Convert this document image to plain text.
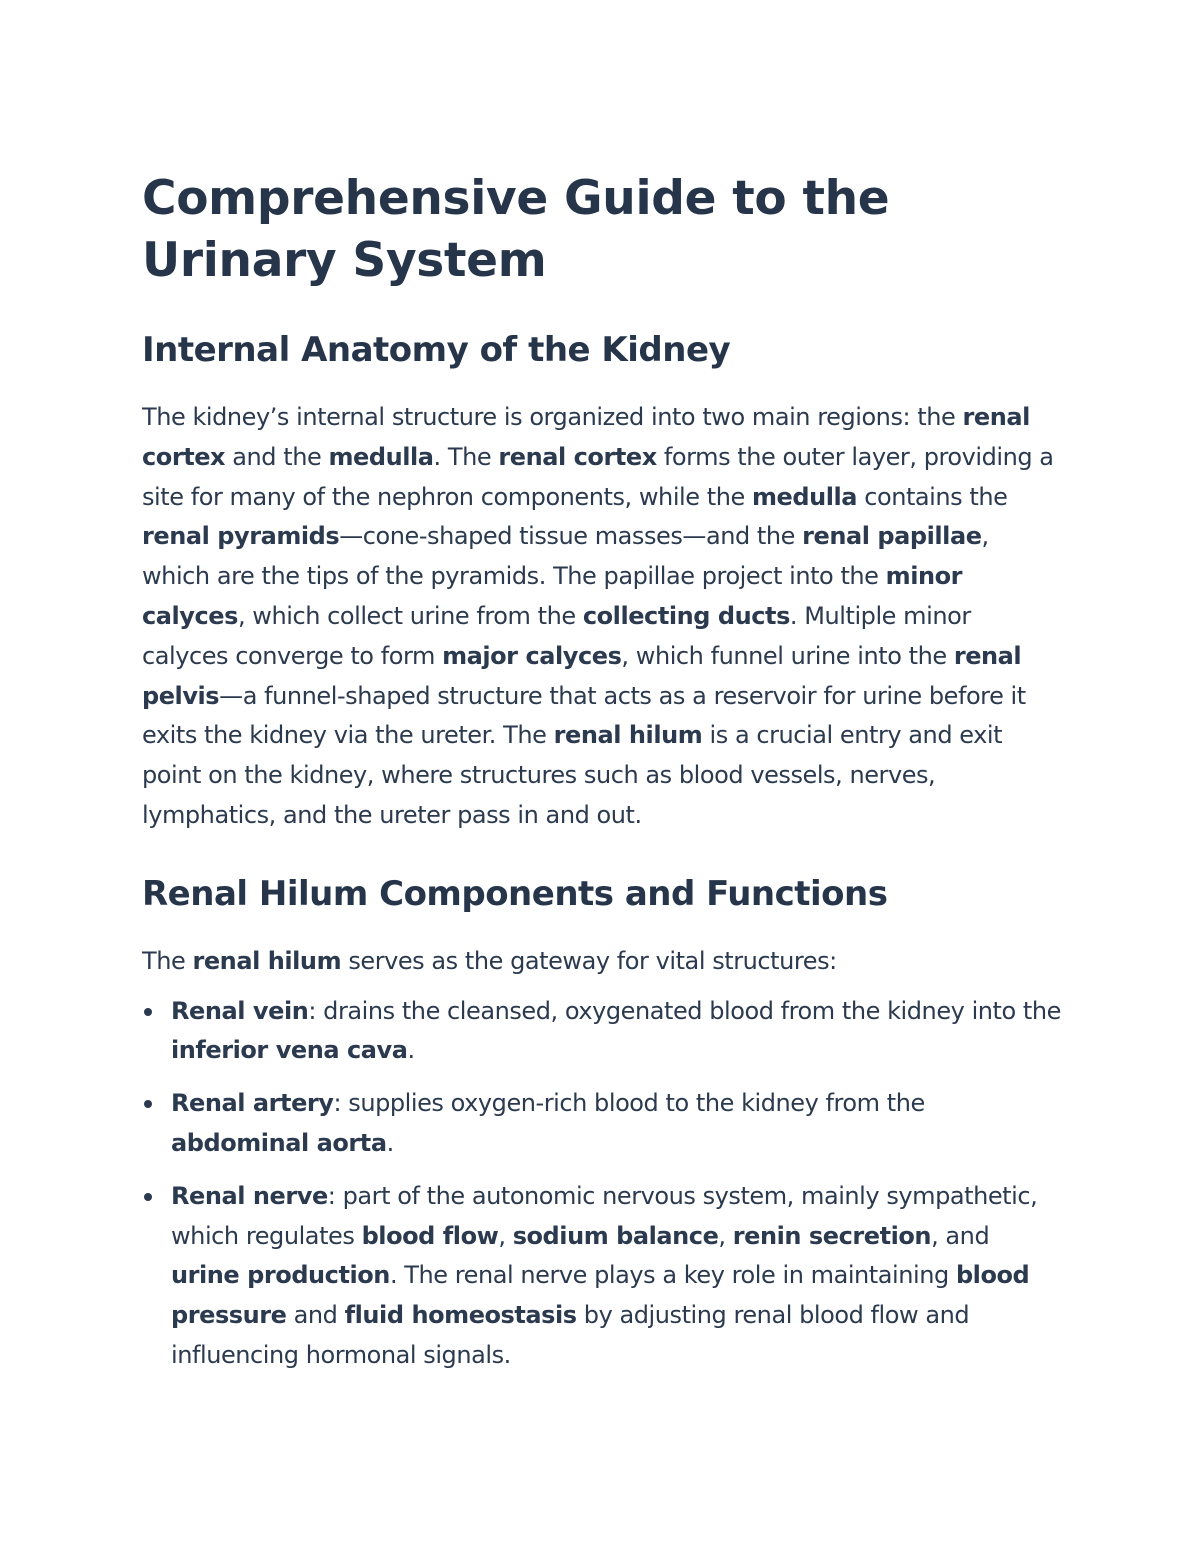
Comprehensive Guide to the Urinary System
Internal Anatomy of the Kidney

The kidney’s internal structure is organized into two main regions: the renal cortex and the medulla. The renal cortex forms the outer layer, providing a site for many of the nephron components, while the medulla contains the renal pyramids—cone-shaped tissue masses—and the renal papillae, which are the tips of the pyramids. The papillae project into the minor calyces, which collect urine from the collecting ducts. Multiple minor calyces converge to form major calyces, which funnel urine into the renal pelvis—a funnel-shaped structure that acts as a reservoir for urine before it exits the kidney via the ureter. The renal hilum is a crucial entry and exit point on the kidney, where structures such as blood vessels, nerves, lymphatics, and the ureter pass in and out.

Renal Hilum Components and Functions

The renal hilum serves as the gateway for vital structures:

Renal vein: drains the cleansed, oxygenated blood from the kidney into the inferior vena cava.
Renal artery: supplies oxygen-rich blood to the kidney from the abdominal aorta.
Renal nerve: part of the autonomic nervous system, mainly sympathetic, which regulates blood flow, sodium balance, renin secretion, and urine production. The renal nerve plays a key role in maintaining blood pressure and fluid homeostasis by adjusting renal blood flow and influencing hormonal signals.
